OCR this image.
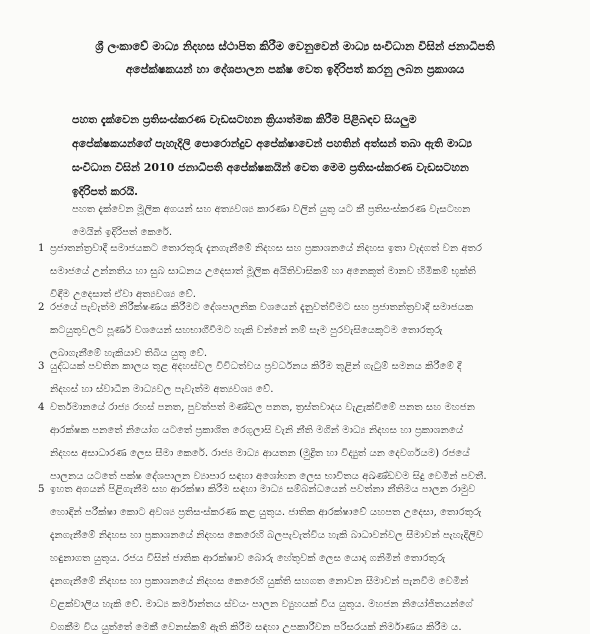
ශ්‍රී ලංකාවේ මාධ්‍ය නිදහස ස්ථාපිත කිරීම වෙනුවෙන් මාධ්‍ය සංවිධාන විසින් ජනාධිපති
අපේක්ෂකයන් හා දේශපාලන පක්ෂ වෙත ඉදිරිපත් කරනු ලබන ප්‍රකාශය
පහත දැක්වෙන ප්‍රතිසංස්කරණ වැඩසටහන ක්‍රියාත්මක කිරීම පිළිබඳව සියලුම
අපේක්ෂකයන්ගේ පැහැදිලි පොරොන්දුව අපේක්ෂාවෙන් පහතින් අත්සන් තබා ඇති මාධ්‍ය
සංවිධාන විසින් 2010 ජනාධිපති අපේක්ෂකයින් වෙත මෙම ප්‍රතිසංස්කරණ වැඩසටහන
ඉදිරිපත් කරයි.
පහත දැක්වෙන මූලික අගයන් සහ අත්‍යවශ්‍ය කාරණා වලින් යුතු යට කී ප්‍රතිසංස්කරණ වැසටහන
මෙයින් ඉදිරිපත් කෙරේ.
1 ප්‍රජාතන්ත්‍රවාදී සමාජයකට තොරතුරු දැනගැනීමේ නිදහස සහ ප්‍රකාශනයේ නිදහස ඉතා වැදගත් වන අතර
සමාජයේ උන්නතිය හා සුබ සාධනය උදෙසාත් මූලික අයිතිවාසිකම් හා අනෙකුත් මානව හිමිකම් භුක්ති
විඳීම උදෙසාත් ඒවා අත්‍යවශ්‍ය වේ.
2 රජයේ පැවැත්ම නිරීක්ෂණය කිරීමට දේශපාලනික වශයෙන් දැනුවත්වීමට සහ ප්‍රජාතන්ත්‍රවාදී සමාජයක
කටයුතුවලට පූර්ණ වශයෙන් සහභාගීවීමට හැකි වන්නේ නම් සෑම පුරවැසියෙකුටම තොරතුරු
ලබාගැනීමේ හැකියාව තිබිය යුතු වේ.
3 යුද්ධයක් පවතින කාලය තුළ අදහස්වල විවිධත්වය ප්‍රවර්ධනය කිරීම තුළින් ගැටුම් සමනය කිරීමේ දී
නිදහස් හා ස්වාධීන මාධ්‍යවල පැවැත්ම අත්‍යවශ්‍ය වේ.
4 වර්තමානයේ රාජ්‍ය රහස් පනත, පුවත්පත් මණ්ඩල පනත, ත්‍රස්තවාදය වැළැක්වීමේ පනත සහ මහජන
ආරක්ෂක පනතේ නියෝග යටතේ ප්‍රකාශිත රෙගුලාසි වැනි නීති මගින් මාධ්‍ය නිදහස හා ප්‍රකාශනයේ
නිදහස අසාධාරණ ලෙස සීමා කෙරේ. රාජ්‍ය මාධ්‍ය ආයතන (මුද්‍රිත හා විද්‍යුත් යන දෙවර්ගයම) රජයේ
පාලනය යටතේ පක්ෂ දේශපාලන ව්‍යාපාර සඳහා අශෝභන ලෙස භාවිතය අඛණ්ඩවම සිදු වෙමින් පවතී.
5 ඉහත අගයන් පිළිගැනීම සහ ආරක්ෂා කිරීම සඳහා මාධ්‍ය සම්බන්ධයෙන් පවත්නා නීතිමය පාලන රාමුව
හොඳින් පරීක්ෂා කොට අවශ්‍ය ප්‍රතිසංස්කරණ කළ යුතුය. ජාතික ආරක්ෂාවේ යහපත උදෙසා, තොරතුරු
දැනගැනීමේ නිදහස හා ප්‍රකාශනයේ නිදහස කෙරෙහි බලපැවැත්විය හැකි බාධාවන්වල සීමාවන් පැහැදිලිව
හඳුනාගත යුතුය. රජය විසින් ජාතික ආරක්ෂාව බොරු හේතුවක් ලෙස යොදා ගනිමින් තොරතුරු
දැනගැනීමේ නිදහස හා ප්‍රකාශනයේ නිදහස කෙරෙහි යුක්ති සහගත නොවන සීමාවන් පැනවීම වෙමින්
වළක්වාලිය හැකි වේ. මාධ්‍ය කර්මාන්තය ස්වයං පාලන ව්‍යුහයක් විය යුතුය. මහජන නියෝජිතයන්ගේ
වගකීම විය යුත්තේ මෙකී වෙනස්කම් ඇති කිරීම සඳහා උපකාරීවන පරිසරයක් නිර්මාණය කිරීම ය.
